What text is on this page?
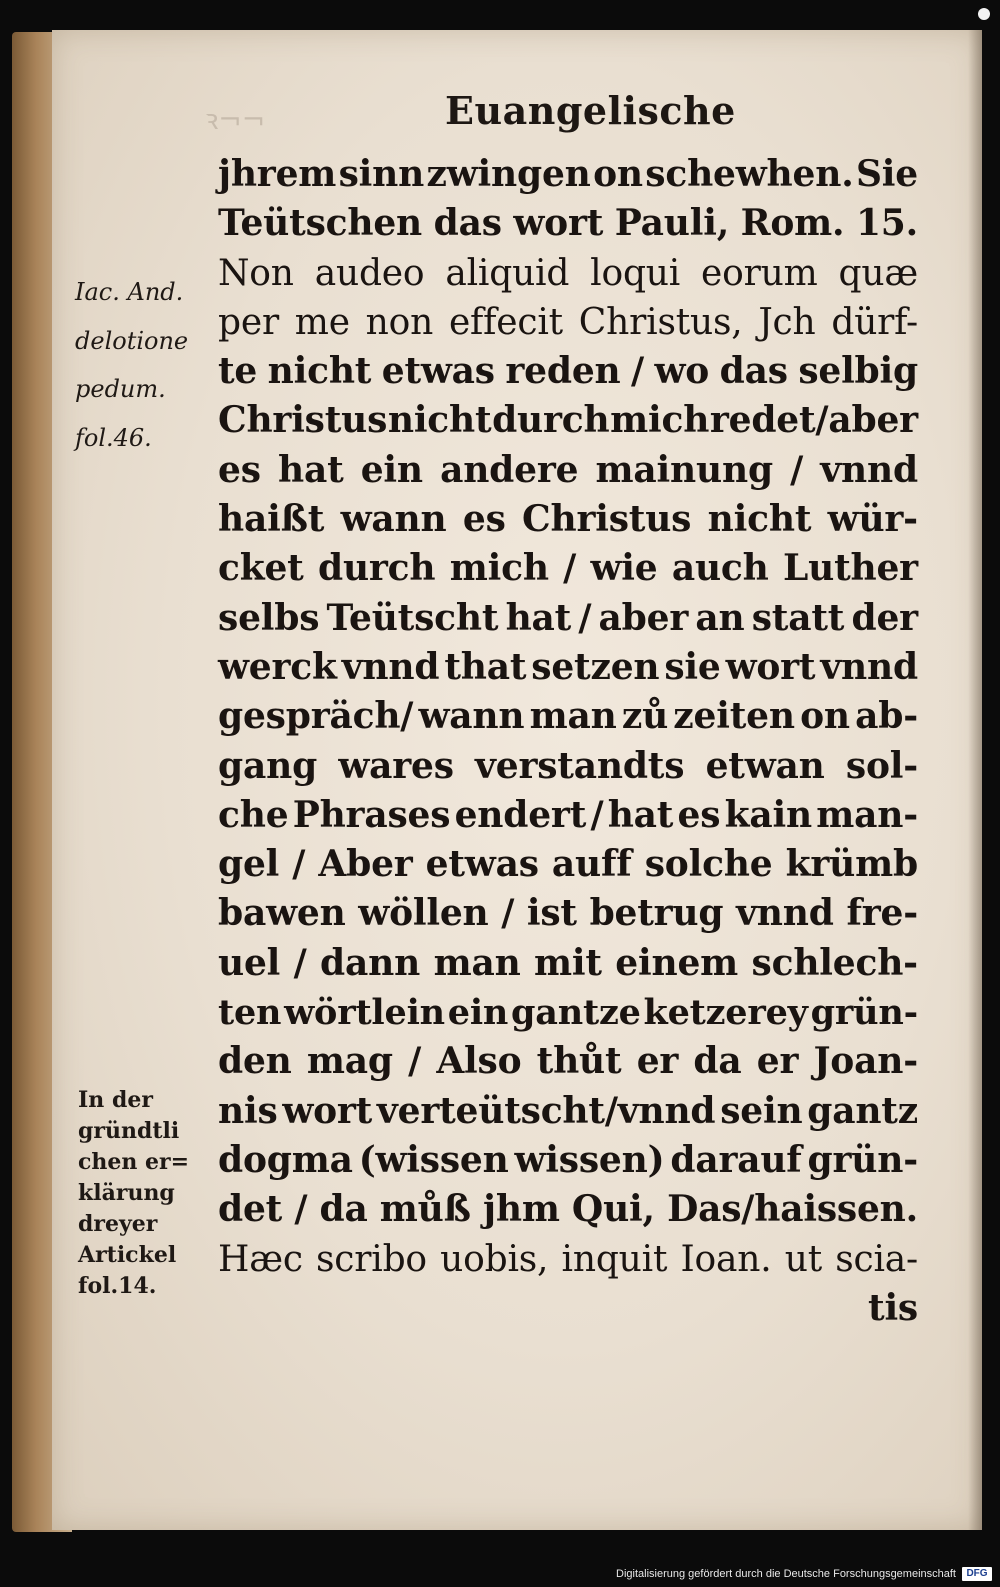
ꝛ¬¬	Euangelische
Iac. And.
delotione
pedum.
fol.46.
In der
gründtli
chen er=
klärung
dreyer
Artickel
fol.14.
jhrem sinn zwingen on schewhen. Sie
Teütschen das wort Pauli, Rom. 15.
Non audeo aliquid loqui eorum quæ
per me non effecit Christus, Jch dürf-
te nicht etwas reden / wo das selbig
Christus nicht durch mich redet/aber
es hat ein andere mainung / vnnd
haißt wann es Christus nicht wür-
cket durch mich / wie auch Luther
selbs Teütscht hat / aber an statt der
werck vnnd that setzen sie wort vnnd
gespräch/ wann man zů zeiten on ab-
gang wares verstandts etwan sol-
che Phrases endert / hat es kain man-
gel / Aber etwas auff solche krümb
bawen wöllen / ist betrug vnnd fre-
uel / dann man mit einem schlech-
ten wörtlein ein gantze ketzerey grün-
den mag / Also thůt er da er Joan-
nis wort verteütscht/vnnd sein gantz
dogma (wissen wissen) darauf grün-
det / da můß jhm Qui, Das/haissen.
Hæc scribo uobis, inquit Ioan. ut scia-
tis
Digitalisierung gefördert durch die Deutsche Forschungsgemeinschaft	DFG
